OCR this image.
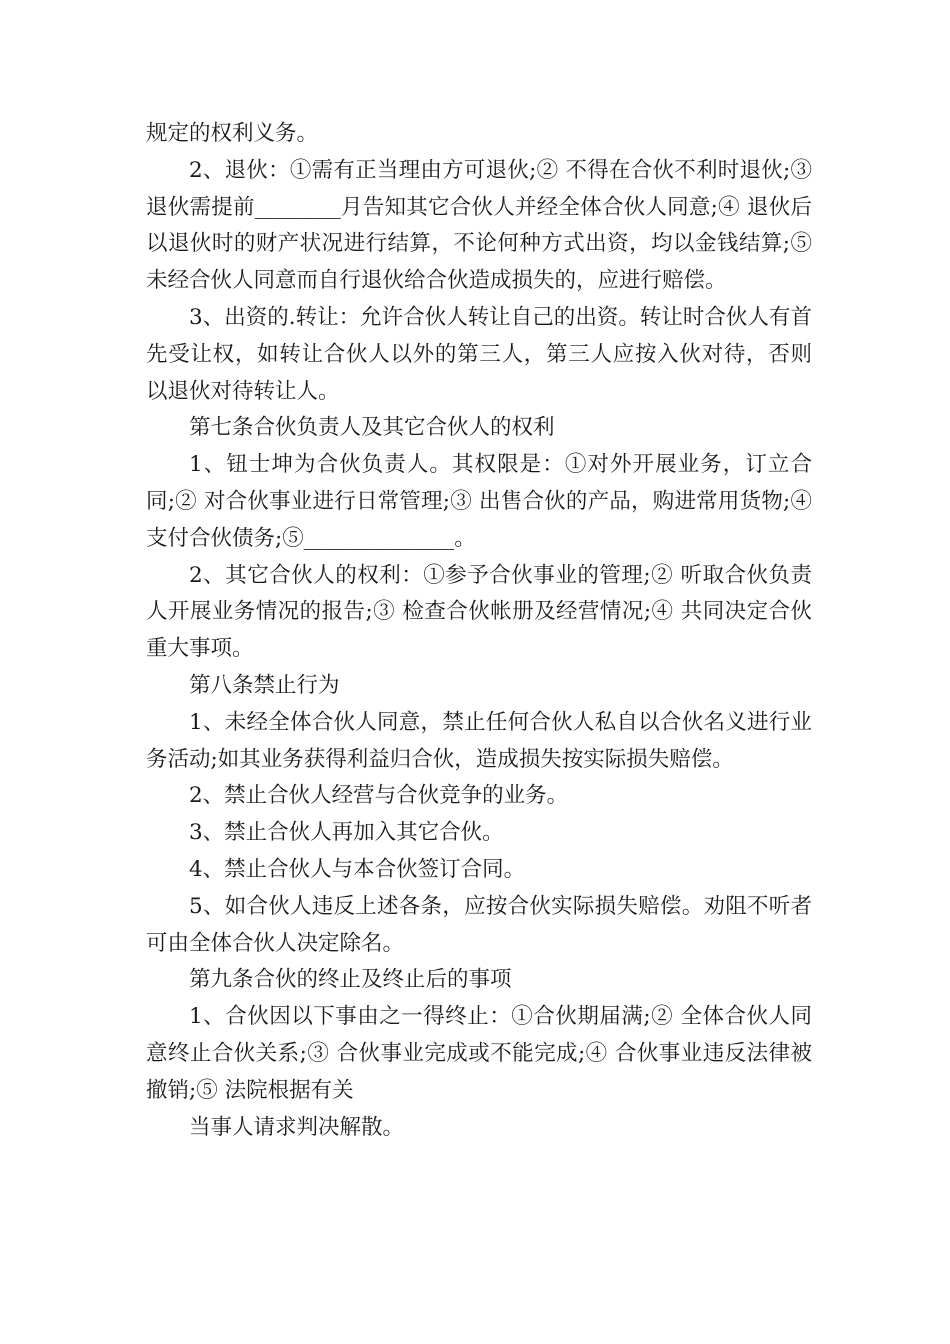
规定的权利义务。

2、退伙：①需有正当理由方可退伙;② 不得在合伙不利时退伙;③ 退伙需提前________月告知其它合伙人并经全体合伙人同意;④ 退伙后以退伙时的财产状况进行结算，不论何种方式出资，均以金钱结算;⑤ 未经合伙人同意而自行退伙给合伙造成损失的，应进行赔偿。

3、出资的.转让：允许合伙人转让自己的出资。转让时合伙人有首先受让权，如转让合伙人以外的第三人，第三人应按入伙对待，否则以退伙对待转让人。

第七条合伙负责人及其它合伙人的权利

1、钮士坤为合伙负责人。其权限是：①对外开展业务，订立合同;② 对合伙事业进行日常管理;③ 出售合伙的产品，购进常用货物;④ 支付合伙债务;⑤______________。

2、其它合伙人的权利：①参予合伙事业的管理;② 听取合伙负责人开展业务情况的报告;③ 检查合伙帐册及经营情况;④ 共同决定合伙重大事项。

第八条禁止行为

1、未经全体合伙人同意，禁止任何合伙人私自以合伙名义进行业务活动;如其业务获得利益归合伙，造成损失按实际损失赔偿。

2、禁止合伙人经营与合伙竞争的业务。

3、禁止合伙人再加入其它合伙。

4、禁止合伙人与本合伙签订合同。

5、如合伙人违反上述各条，应按合伙实际损失赔偿。劝阻不听者可由全体合伙人决定除名。

第九条合伙的终止及终止后的事项

1、合伙因以下事由之一得终止：①合伙期届满;② 全体合伙人同意终止合伙关系;③ 合伙事业完成或不能完成;④ 合伙事业违反法律被撤销;⑤ 法院根据有关

当事人请求判决解散。
